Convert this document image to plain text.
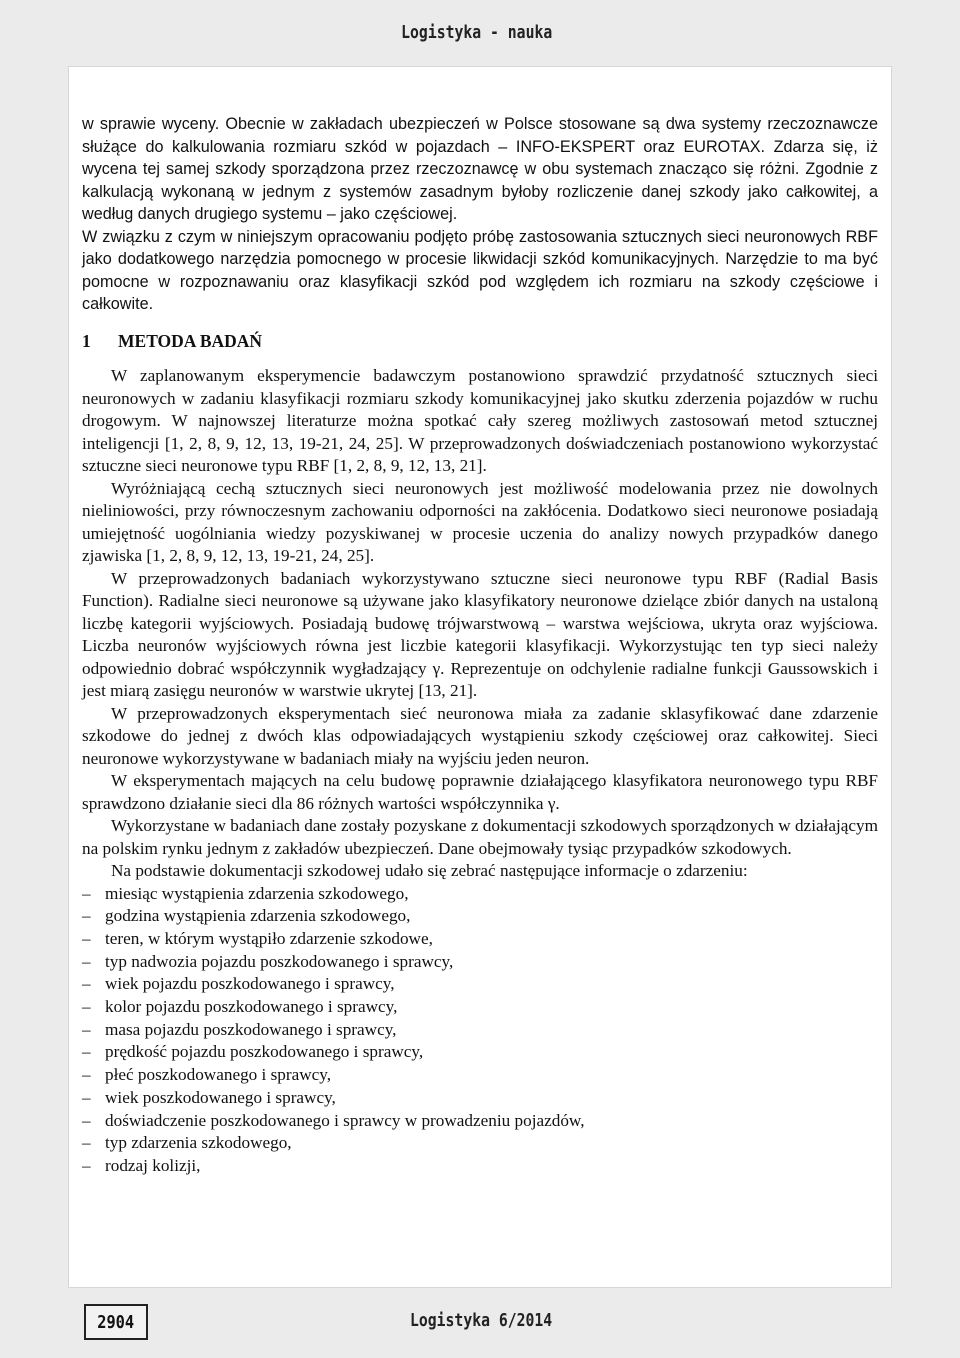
Logistyka - nauka

w sprawie wyceny. Obecnie w zakładach ubezpieczeń w Polsce stosowane są dwa systemy rzeczoznawcze służące do kalkulowania rozmiaru szkód w pojazdach – INFO-EKSPERT oraz EUROTAX. Zdarza się, iż wycena tej samej szkody sporządzona przez rzeczoznawcę w obu systemach znacząco się różni. Zgodnie z kalkulacją wykonaną w jednym z systemów zasadnym byłoby rozliczenie danej szkody jako całkowitej, a według danych drugiego systemu – jako częściowej.

W związku z czym w niniejszym opracowaniu podjęto próbę zastosowania sztucznych sieci neuronowych RBF jako dodatkowego narzędzia pomocnego w procesie likwidacji szkód komunikacyjnych. Narzędzie to ma być pomocne w rozpoznawaniu oraz klasyfikacji szkód pod względem ich rozmiaru na szkody częściowe i całkowite.

1 METODA BADAŃ

W zaplanowanym eksperymencie badawczym postanowiono sprawdzić przydatność sztucznych sieci neuronowych w zadaniu klasyfikacji rozmiaru szkody komunikacyjnej jako skutku zderzenia pojazdów w ruchu drogowym. W najnowszej literaturze można spotkać cały szereg możliwych zastosowań metod sztucznej inteligencji [1, 2, 8, 9, 12, 13, 19-21, 24, 25]. W przeprowadzonych doświadczeniach postanowiono wykorzystać sztuczne sieci neuronowe typu RBF [1, 2, 8, 9, 12, 13, 21].

Wyróżniającą cechą sztucznych sieci neuronowych jest możliwość modelowania przez nie dowolnych nieliniowości, przy równoczesnym zachowaniu odporności na zakłócenia. Dodatkowo sieci neuronowe posiadają umiejętność uogólniania wiedzy pozyskiwanej w procesie uczenia do analizy nowych przypadków danego zjawiska [1, 2, 8, 9, 12, 13, 19-21, 24, 25].

W przeprowadzonych badaniach wykorzystywano sztuczne sieci neuronowe typu RBF (Radial Basis Function). Radialne sieci neuronowe są używane jako klasyfikatory neuronowe dzielące zbiór danych na ustaloną liczbę kategorii wyjściowych. Posiadają budowę trójwarstwową – warstwa wejściowa, ukryta oraz wyjściowa. Liczba neuronów wyjściowych równa jest liczbie kategorii klasyfikacji. Wykorzystując ten typ sieci należy odpowiednio dobrać współczynnik wygładzający γ. Reprezentuje on odchylenie radialne funkcji Gaussowskich i jest miarą zasięgu neuronów w warstwie ukrytej [13, 21].

W przeprowadzonych eksperymentach sieć neuronowa miała za zadanie sklasyfikować dane zdarzenie szkodowe do jednej z dwóch klas odpowiadających wystąpieniu szkody częściowej oraz całkowitej. Sieci neuronowe wykorzystywane w badaniach miały na wyjściu jeden neuron.

W eksperymentach mających na celu budowę poprawnie działającego klasyfikatora neuronowego typu RBF sprawdzono działanie sieci dla 86 różnych wartości współczynnika γ.

Wykorzystane w badaniach dane zostały pozyskane z dokumentacji szkodowych sporządzonych w działającym na polskim rynku jednym z zakładów ubezpieczeń. Dane obejmowały tysiąc przypadków szkodowych.

Na podstawie dokumentacji szkodowej udało się zebrać następujące informacje o zdarzeniu:

– miesiąc wystąpienia zdarzenia szkodowego,
– godzina wystąpienia zdarzenia szkodowego,
– teren, w którym wystąpiło zdarzenie szkodowe,
– typ nadwozia pojazdu poszkodowanego i sprawcy,
– wiek pojazdu poszkodowanego i sprawcy,
– kolor pojazdu poszkodowanego i sprawcy,
– masa pojazdu poszkodowanego i sprawcy,
– prędkość pojazdu poszkodowanego i sprawcy,
– płeć poszkodowanego i sprawcy,
– wiek poszkodowanego i sprawcy,
– doświadczenie poszkodowanego i sprawcy w prowadzeniu pojazdów,
– typ zdarzenia szkodowego,
– rodzaj kolizji,
2904	Logistyka 6/2014
